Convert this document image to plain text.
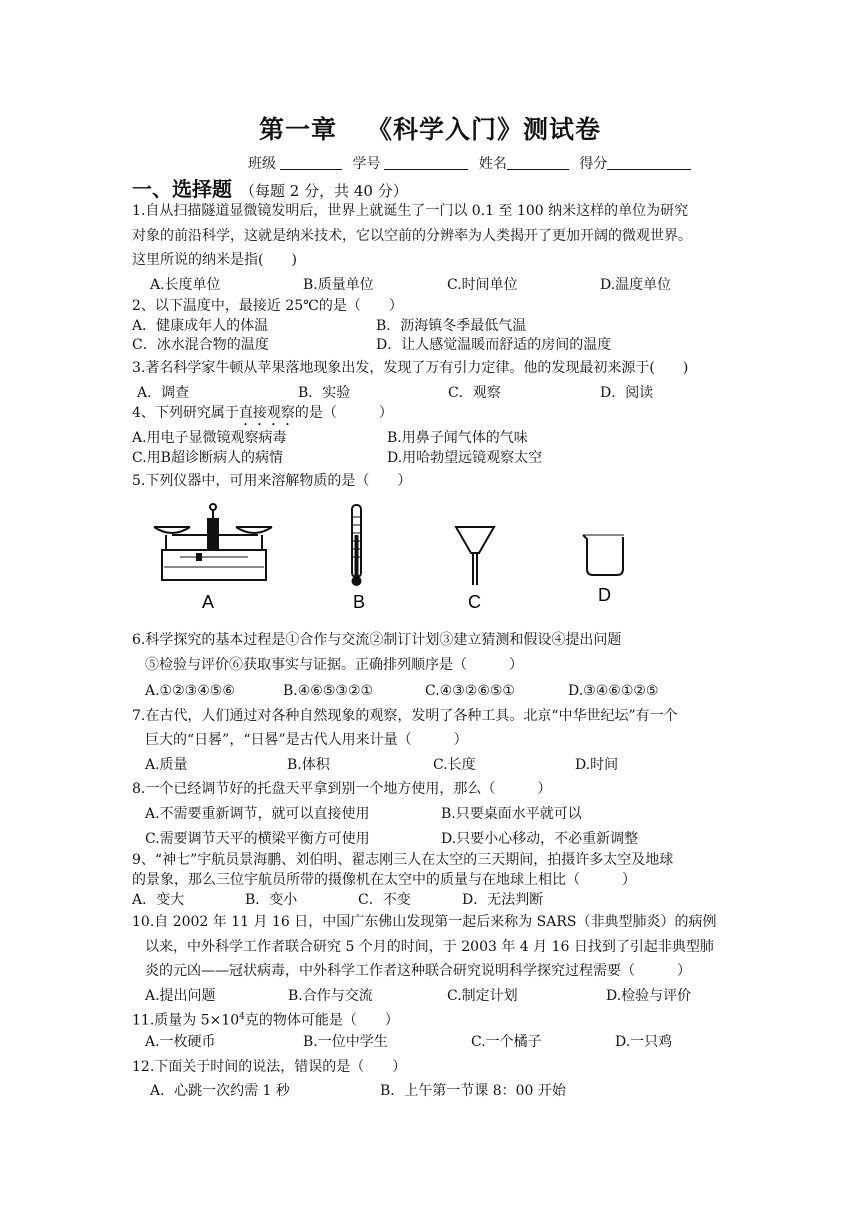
第一章 《科学入门》测试卷
班级	学号	姓名	得分
一、选择题 （每题 2 分，共 40 分）
1.自从扫描隧道显微镜发明后，世界上就诞生了一门以 0.1 至 100 纳米这样的单位为研究
对象的前沿科学，这就是纳米技术，它以空前的分辨率为人类揭开了更加开阔的微观世界。
这里所说的纳米是指(　　)
A.长度单位	B.质量单位	C.时间单位	D.温度单位
2、以下温度中，最接近 25℃的是（　　）
A．健康成年人的体温	B．沥海镇冬季最低气温
C．冰水混合物的温度	D．让人感觉温暖而舒适的房间的温度
3.著名科学家牛顿从苹果落地现象出发，发现了万有引力定律。他的发现最初来源于(　　)
A．调查	B．实验	C．观察	D．阅读
4、下列研究属于直接观察的是（　　　）
A.用电子显微镜观察病毒	B.用鼻子闻气体的气味
C.用B超诊断病人的病情	D.用哈勃望远镜观察太空
5.下列仪器中，可用来溶解物质的是（　　）
A	B	C	D
6.科学探究的基本过程是①合作与交流②制订计划③建立猜测和假设④提出问题
⑤检验与评价⑥获取事实与证据。正确排列顺序是（　　　）
A.①②③④⑤⑥	B.④⑥⑤③②①	C.④③②⑥⑤①	D.③④⑥①②⑤
7.在古代，人们通过对各种自然现象的观察，发明了各种工具。北京“中华世纪坛”有一个
巨大的“日晷”，“日晷”是古代人用来计量（　　　）
A.质量	B.体积	C.长度	D.时间
8.一个已经调节好的托盘天平拿到别一个地方使用，那么（　　　）
A.不需要重新调节，就可以直接使用	B.只要桌面水平就可以
C.需要调节天平的横梁平衡方可使用	D.只要小心移动，不必重新调整
9、“神七”宇航员景海鹏、刘伯明、翟志刚三人在太空的三天期间，拍摄许多太空及地球
的景象，那么三位宇航员所带的摄像机在太空中的质量与在地球上相比（　　　）
A．变大	B．变小	C．不变	D．无法判断
10.自 2002 年 11 月 16 日，中国广东佛山发现第一起后来称为 SARS（非典型肺炎）的病例
以来，中外科学工作者联合研究 5 个月的时间，于 2003 年 4 月 16 日找到了引起非典型肺
炎的元凶——冠状病毒，中外科学工作者这种联合研究说明科学探究过程需要（　　　）
A.提出问题	B.合作与交流	C.制定计划	D.检验与评价
11.质量为 $5\times 10^4$克的物体可能是（　　）
A.一枚硬币	B.一位中学生	C.一个橘子	D.一只鸡
12.下面关于时间的说法，错误的是（　　）
A．心跳一次约需 1 秒	B．上午第一节课 8：00 开始
